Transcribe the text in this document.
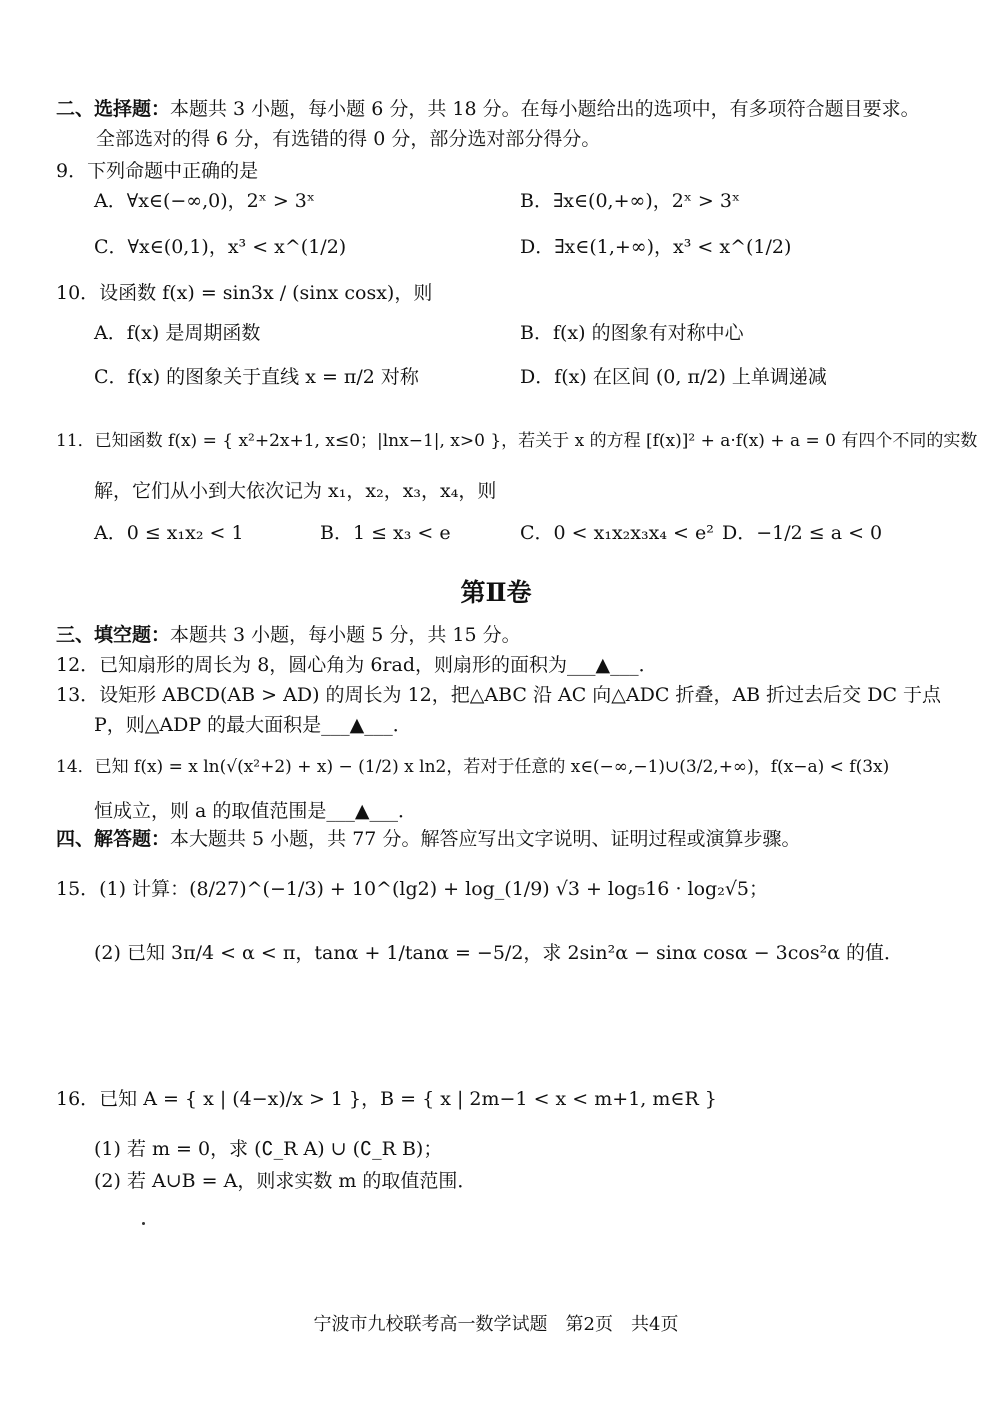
二、选择题：本题共 3 小题，每小题 6 分，共 18 分。在每小题给出的选项中，有多项符合题目要求。
全部选对的得 6 分，有选错的得 0 分，部分选对部分得分。
9．下列命题中正确的是
A．∀x∈(−∞,0)，2ˣ > 3ˣ	B．∃x∈(0,+∞)，2ˣ > 3ˣ
C．∀x∈(0,1)，x³ < x^(1/2)	D．∃x∈(1,+∞)，x³ < x^(1/2)
10．设函数 f(x) = sin3x / (sinx cosx)，则
A．f(x) 是周期函数	B．f(x) 的图象有对称中心
C．f(x) 的图象关于直线 x = π/2 对称	D．f(x) 在区间 (0, π/2) 上单调递减
11．已知函数 f(x) = { x²+2x+1, x≤0；|lnx−1|, x>0 }，若关于 x 的方程 [f(x)]² + a·f(x) + a = 0 有四个不同的实数
解，它们从小到大依次记为 x₁，x₂，x₃，x₄，则
A．0 ≤ x₁x₂ < 1	B．1 ≤ x₃ < e	C．0 < x₁x₂x₃x₄ < e² D．−1/2 ≤ a < 0
第Ⅱ卷
三、填空题：本题共 3 小题，每小题 5 分，共 15 分。
12．已知扇形的周长为 8，圆心角为 6rad，则扇形的面积为___▲___．
13．设矩形 ABCD(AB > AD) 的周长为 12，把△ABC 沿 AC 向△ADC 折叠，AB 折过去后交 DC 于点
P，则△ADP 的最大面积是___▲___．
14．已知 f(x) = x ln(√(x²+2) + x) − (1/2) x ln2，若对于任意的 x∈(−∞,−1)∪(3/2,+∞)，f(x−a) < f(3x)
恒成立，则 a 的取值范围是___▲___．
四、解答题：本大题共 5 小题，共 77 分。解答应写出文字说明、证明过程或演算步骤。
15．(1) 计算：(8/27)^(−1/3) + 10^(lg2) + log_(1/9) √3 + log₅16 · log₂√5；
(2) 已知 3π/4 < α < π，tanα + 1/tanα = −5/2，求 2sin²α − sinα cosα − 3cos²α 的值．
16．已知 A = { x | (4−x)/x > 1 }，B = { x | 2m−1 < x < m+1, m∈R }
(1) 若 m = 0，求 (∁_R A) ∪ (∁_R B)；
(2) 若 A∪B = A，则求实数 m 的取值范围．
宁波市九校联考高一数学试题　第2页　共4页
